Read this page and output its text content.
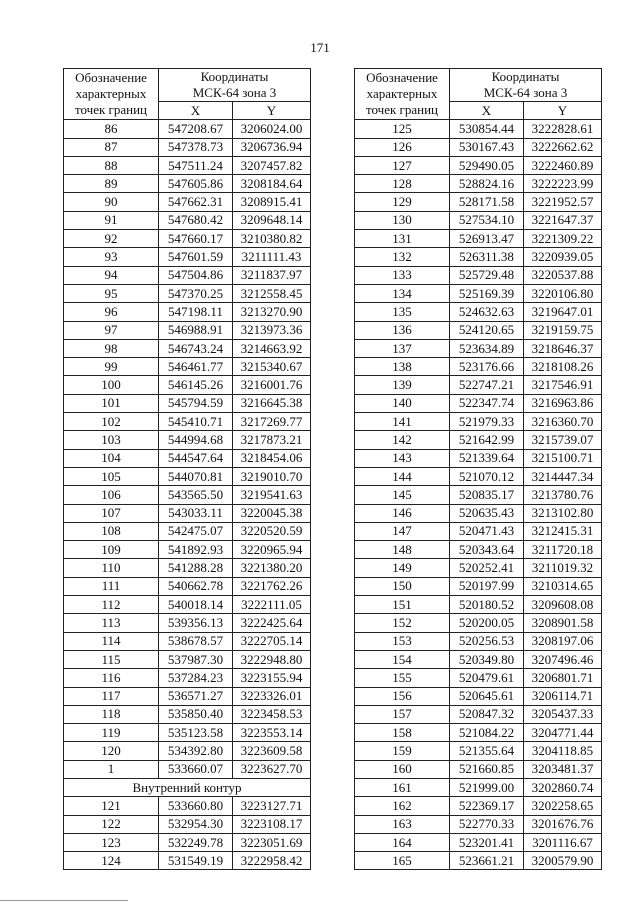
171
Обозначение характерных точек границ	Координаты
МСК-64 зона 3	
	X	Y
86	547208.67	3206024.00
87	547378.73	3206736.94
88	547511.24	3207457.82
89	547605.86	3208184.64
90	547662.31	3208915.41
91	547680.42	3209648.14
92	547660.17	3210380.82
93	547601.59	3211111.43
94	547504.86	3211837.97
95	547370.25	3212558.45
96	547198.11	3213270.90
97	546988.91	3213973.36
98	546743.24	3214663.92
99	546461.77	3215340.67
100	546145.26	3216001.76
101	545794.59	3216645.38
102	545410.71	3217269.77
103	544994.68	3217873.21
104	544547.64	3218454.06
105	544070.81	3219010.70
106	543565.50	3219541.63
107	543033.11	3220045.38
108	542475.07	3220520.59
109	541892.93	3220965.94
110	541288.28	3221380.20
111	540662.78	3221762.26
112	540018.14	3222111.05
113	539356.13	3222425.64
114	538678.57	3222705.14
115	537987.30	3222948.80
116	537284.23	3223155.94
117	536571.27	3223326.01
118	535850.40	3223458.53
119	535123.58	3223553.14
120	534392.80	3223609.58
1	533660.07	3223627.70
Внутренний контур		
121	533660.80	3223127.71
122	532954.30	3223108.17
123	532249.78	3223051.69
124	531549.19	3222958.42
Обозначение характерных точек границ	Координаты
МСК-64 зона 3	
	X	Y
125	530854.44	3222828.61
126	530167.43	3222662.62
127	529490.05	3222460.89
128	528824.16	3222223.99
129	528171.58	3221952.57
130	527534.10	3221647.37
131	526913.47	3221309.22
132	526311.38	3220939.05
133	525729.48	3220537.88
134	525169.39	3220106.80
135	524632.63	3219647.01
136	524120.65	3219159.75
137	523634.89	3218646.37
138	523176.66	3218108.26
139	522747.21	3217546.91
140	522347.74	3216963.86
141	521979.33	3216360.70
142	521642.99	3215739.07
143	521339.64	3215100.71
144	521070.12	3214447.34
145	520835.17	3213780.76
146	520635.43	3213102.80
147	520471.43	3212415.31
148	520343.64	3211720.18
149	520252.41	3211019.32
150	520197.99	3210314.65
151	520180.52	3209608.08
152	520200.05	3208901.58
153	520256.53	3208197.06
154	520349.80	3207496.46
155	520479.61	3206801.71
156	520645.61	3206114.71
157	520847.32	3205437.33
158	521084.22	3204771.44
159	521355.64	3204118.85
160	521660.85	3203481.37
161	521999.00	3202860.74
162	522369.17	3202258.65
163	522770.33	3201676.76
164	523201.41	3201116.67
165	523661.21	3200579.90
